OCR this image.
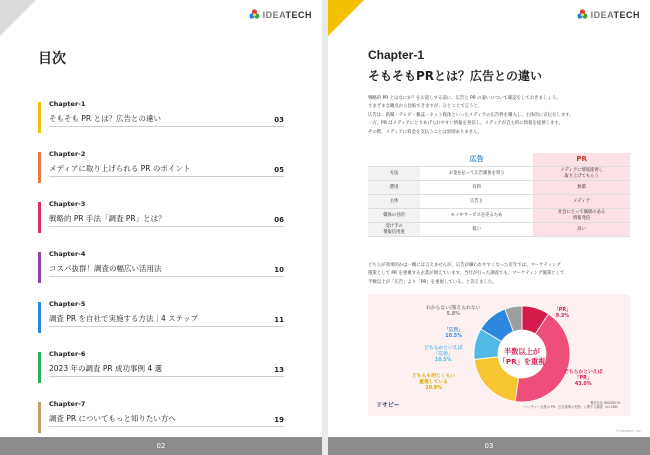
IDEATECH
目次
Chapter-1
そもそも PR とは？広告との違い	03
Chapter-2
メディアに取り上げられる PR のポイント	05
Chapter-3
戦略的 PR 手法「調査 PR」とは？	06
Chapter-4
コスパ抜群！調査の幅広い活用法	10
Chapter-5
調査 PR を自社で実施する方法｜4 ステップ	11
Chapter-6
2023 年の調査 PR 成功事例 4 選	13
Chapter-7
調査 PR についてもっと知りたい方へ	19
02
IDEATECH
Chapter-1
そもそもPRとは？広告との違い
戦略的 PR とはなにか？をお話しする前に、広告と PR の違いについて確認をしておきましょう。
さまざまな観点から比較できますが、ひとことで言うと、
広告は、新聞・テレビ・雑誌・ネット媒体といったメディアの広告枠を購入し、主体的に宣伝をします。
一方、PR はメディアにとりあげられやすい情報を発信し、メディアが自主的に情報を提供します。
その際、メディアに料金を支払うことは原則ありません。
	広告	PR
方法	お金を払って広告媒体を買う	メディアに情報提供し
取り上げてもらう
費用	有料	無償
主体	広告主	メディア
媒体の目的	モノやサービスを売るため	社会にとって価値のある
情報発信
受け手の
情報信用度	低い	高い
どちらが効果的かは一概には言えませんが、広告が嫌われやすくなった近年では、マーケティング
施策として PR を重視する企業が増えています。当社が行った調査でも、マーケティング施策として
半数以上が「広告」より「PR」を重視している、と答えました。
半数以上が
「PR」を重視
「PR」
9.3%
どちらかといえば
「PR」
43.0%
どちらも同じくらい
重視している
20.9%
どちらかといえば
「広告」
10.5%
「広告」
10.5%
わからない/答えられない
5.8%
リサピー	株式会社 IDEATECH
「ベンチャー企業の PR・広告施策の実態」に関する調査（n=160）
©ideatech inc.
03
